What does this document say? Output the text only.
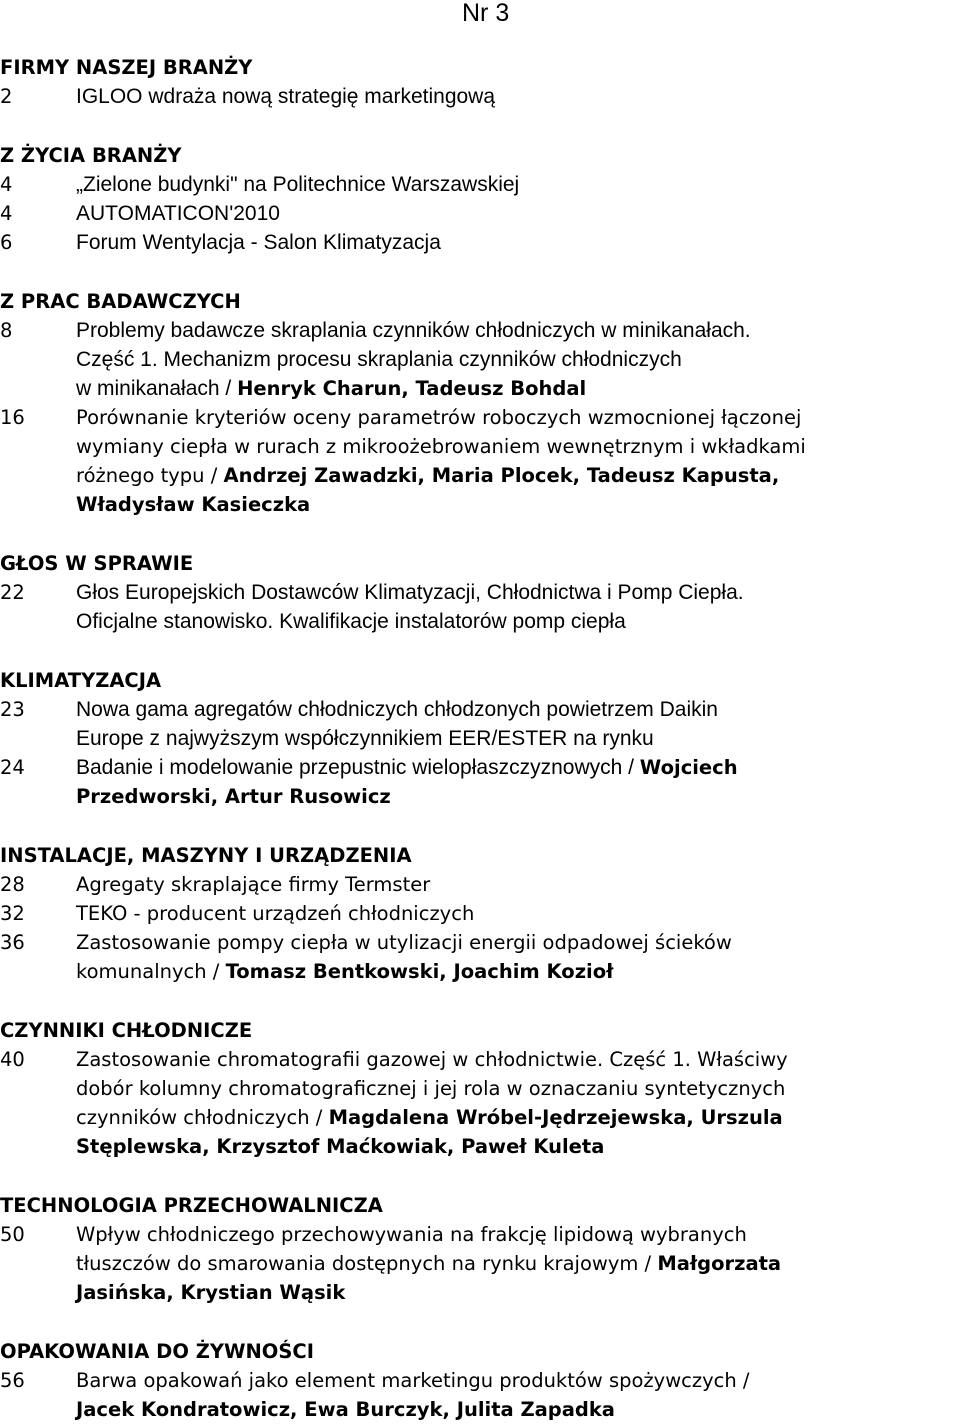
Nr 3
FIRMY NASZEJ BRANŻY
2	IGLOO wdraża nową strategię marketingową
Z ŻYCIA BRANŻY
4	„Zielone budynki" na Politechnice Warszawskiej
4	AUTOMATICON'2010
6	Forum Wentylacja - Salon Klimatyzacja
Z PRAC BADAWCZYCH
8	Problemy badawcze skraplania czynników chłodniczych w minikanałach.
Część 1. Mechanizm procesu skraplania czynników chłodniczych
w minikanałach / Henryk Charun, Tadeusz Bohdal
16	Porównanie kryteriów oceny parametrów roboczych wzmocnionej łączonej
wymiany ciepła w rurach z mikroożebrowaniem wewnętrznym i wkładkami
różnego typu / Andrzej Zawadzki, Maria Plocek, Tadeusz Kapusta,
Władysław Kasieczka
GŁOS W SPRAWIE
22	Głos Europejskich Dostawców Klimatyzacji, Chłodnictwa i Pomp Ciepła.
Oficjalne stanowisko. Kwalifikacje instalatorów pomp ciepła
KLIMATYZACJA
23	Nowa gama agregatów chłodniczych chłodzonych powietrzem Daikin
Europe z najwyższym współczynnikiem EER/ESTER na rynku
24	Badanie i modelowanie przepustnic wielopłaszczyznowych / Wojciech
Przedworski, Artur Rusowicz
INSTALACJE, MASZYNY I URZĄDZENIA
28	Agregaty skraplające firmy Termster
32	TEKO - producent urządzeń chłodniczych
36	Zastosowanie pompy ciepła w utylizacji energii odpadowej ścieków
komunalnych / Tomasz Bentkowski, Joachim Kozioł
CZYNNIKI CHŁODNICZE
40	Zastosowanie chromatografii gazowej w chłodnictwie. Część 1. Właściwy
dobór kolumny chromatograficznej i jej rola w oznaczaniu syntetycznych
czynników chłodniczych / Magdalena Wróbel-Jędrzejewska, Urszula
Stęplewska, Krzysztof Maćkowiak, Paweł Kuleta
TECHNOLOGIA PRZECHOWALNICZA
50	Wpływ chłodniczego przechowywania na frakcję lipidową wybranych
tłuszczów do smarowania dostępnych na rynku krajowym / Małgorzata
Jasińska, Krystian Wąsik
OPAKOWANIA DO ŻYWNOŚCI
56	Barwa opakowań jako element marketingu produktów spożywczych /
Jacek Kondratowicz, Ewa Burczyk, Julita Zapadka
